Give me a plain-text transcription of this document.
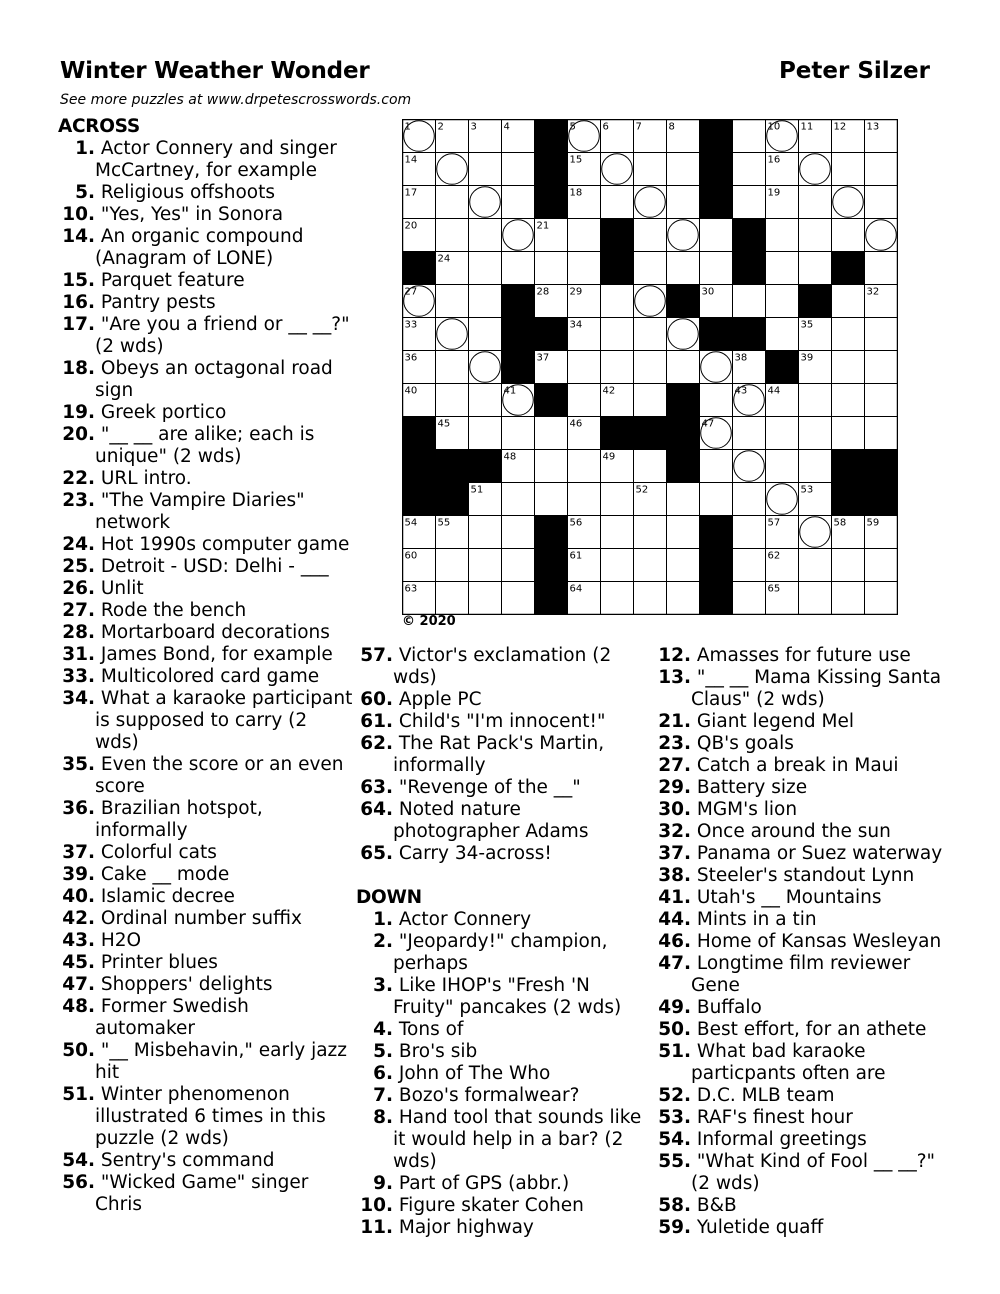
Winter Weather Wonder	Peter Silzer
See more puzzles at www.drpetescrosswords.com
1	2	3	4	5	6	7	8	9	10 11 12 13
14	15	16
17	18	19
20	21	22	23
24	25	26
27	28 29	30	31	32
33	34	35
36	37	38	39
40	41	42	43 44
45	46	47
48	49	50
51	52	53
54 55	56	57	58 59
60	61	62
63	64	65
© 2020
ACROSS
1. Actor Connery and singer McCartney, for example
5. Religious offshoots
10. "Yes, Yes" in Sonora
14. An organic compound (Anagram of LONE)
15. Parquet feature
16. Pantry pests
17. "Are you a friend or __ __?" (2 wds)
18. Obeys an octagonal road sign
19. Greek portico
20. "__ __ are alike; each is unique" (2 wds)
22. URL intro.
23. "The Vampire Diaries" network
24. Hot 1990s computer game
25. Detroit - USD: Delhi - ___
26. Unlit
27. Rode the bench
28. Mortarboard decorations
31. James Bond, for example
33. Multicolored card game
34. What a karaoke participant is supposed to carry (2 wds)
35. Even the score or an even score
36. Brazilian hotspot, informally
37. Colorful cats
39. Cake __ mode
40. Islamic decree
42. Ordinal number suffix
43. H2O
45. Printer blues
47. Shoppers' delights
48. Former Swedish automaker
50. "__ Misbehavin," early jazz hit
51. Winter phenomenon illustrated 6 times in this puzzle (2 wds)
54. Sentry's command
56. "Wicked Game" singer Chris
57. Victor's exclamation (2 wds)
60. Apple PC
61. Child's "I'm innocent!"
62. The Rat Pack's Martin, informally
63. "Revenge of the __"
64. Noted nature photographer Adams
65. Carry 34-across!
DOWN
1. Actor Connery
2. "Jeopardy!" champion, perhaps
3. Like IHOP's "Fresh 'N Fruity" pancakes (2 wds)
4. Tons of
5. Bro's sib
6. John of The Who
7. Bozo's formalwear?
8. Hand tool that sounds like it would help in a bar? (2 wds)
9. Part of GPS (abbr.)
10. Figure skater Cohen
11. Major highway
12. Amasses for future use
13. "__ __ Mama Kissing Santa Claus" (2 wds)
21. Giant legend Mel
23. QB's goals
27. Catch a break in Maui
29. Battery size
30. MGM's lion
32. Once around the sun
37. Panama or Suez waterway
38. Steeler's standout Lynn
41. Utah's __ Mountains
44. Mints in a tin
46. Home of Kansas Wesleyan
47. Longtime film reviewer Gene
49. Buffalo
50. Best effort, for an athete
51. What bad karaoke particpants often are
52. D.C. MLB team
53. RAF's finest hour
54. Informal greetings
55. "What Kind of Fool __ __?" (2 wds)
58. B&B
59. Yuletide quaff
